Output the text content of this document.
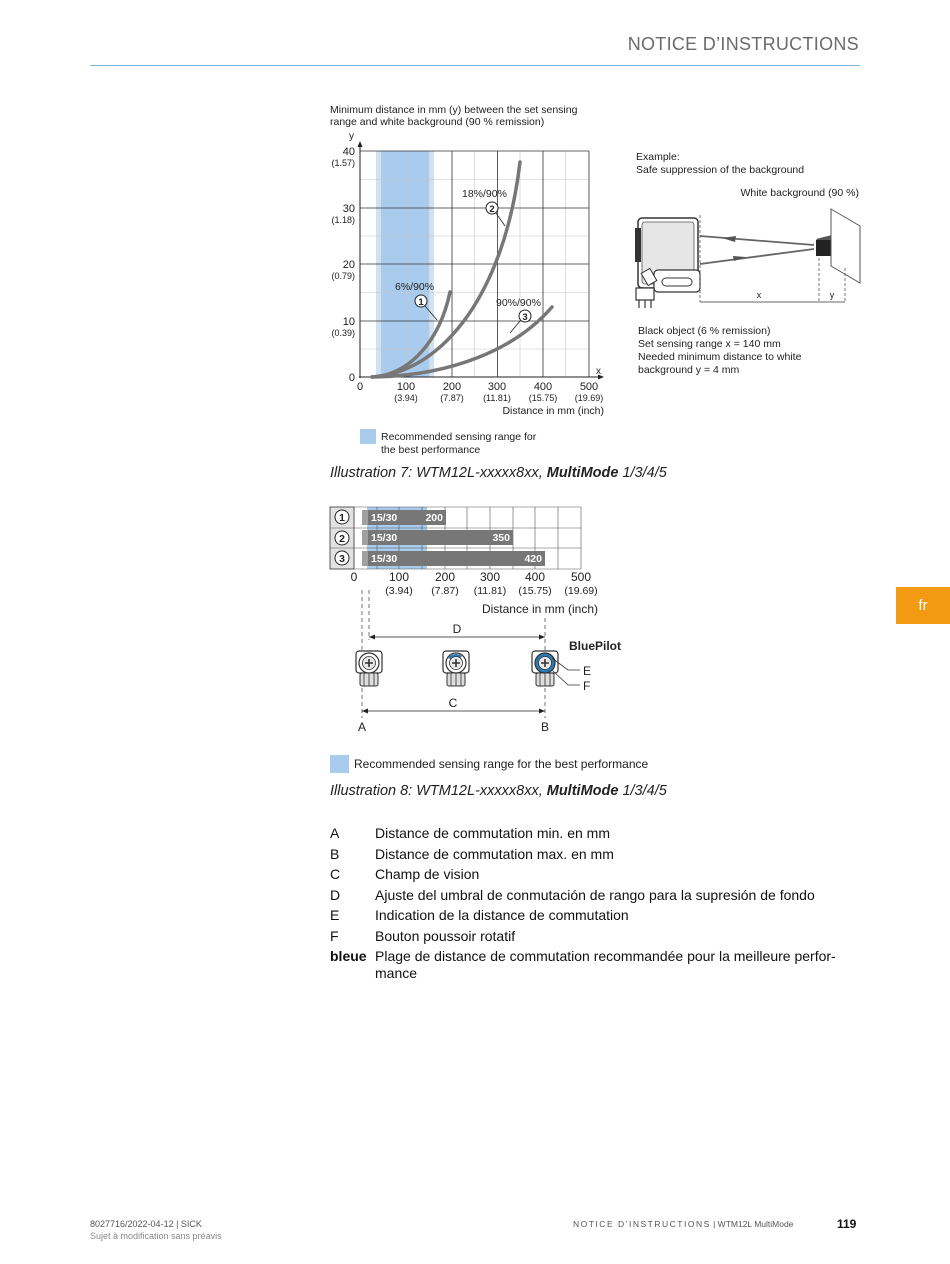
NOTICE D’INSTRUCTIONS
fr
Minimum distance in mm (y) between the set sensing
range and white background (90 % remission)
y
x
40
30
20
10
0
(1.57)
(1.18)
(0.79)
(0.39)
0	100	200 300	400	500
(3.94) (7.87) (11.81) (15.75) (19.69)
Distance in mm (inch)
6%/90%
18%/90%
90%/90%
1
2
3
Recommended sensing range for
the best performance
Example:
Safe suppression of the background
White background (90 %)
x	y
Black object (6 % remission)
Set sensing range x = 140 mm
Needed minimum distance to white
background y = 4 mm
Illustration 7: WTM12L-xxxxx8xx, MultiMode 1/3/4/5
15/30
15/30
15/30
200
350
420
1
2
3
0	100 200 300 400 500
(3.94) (7.87) (11.81) (15.75) (19.69)
Distance in mm (inch)
D
C
A	B
BluePilot
E
F
Recommended sensing range for the best performance
Illustration 8: WTM12L-xxxxx8xx, MultiMode 1/3/4/5
A	Distance de commutation min. en mm
B	Distance de commutation max. en mm
C	Champ de vision
D	Ajuste del umbral de conmutación de rango para la supresión de fondo
E	Indication de la distance de commutation
F	Bouton poussoir rotatif
bleue Plage de distance de commutation recommandée pour la meilleure perfor-mance
8027716/2022-04-12 | SICK
Sujet à modification sans préavis
NOTICE D’INSTRUCTIONS | WTM12L MultiMode	119
